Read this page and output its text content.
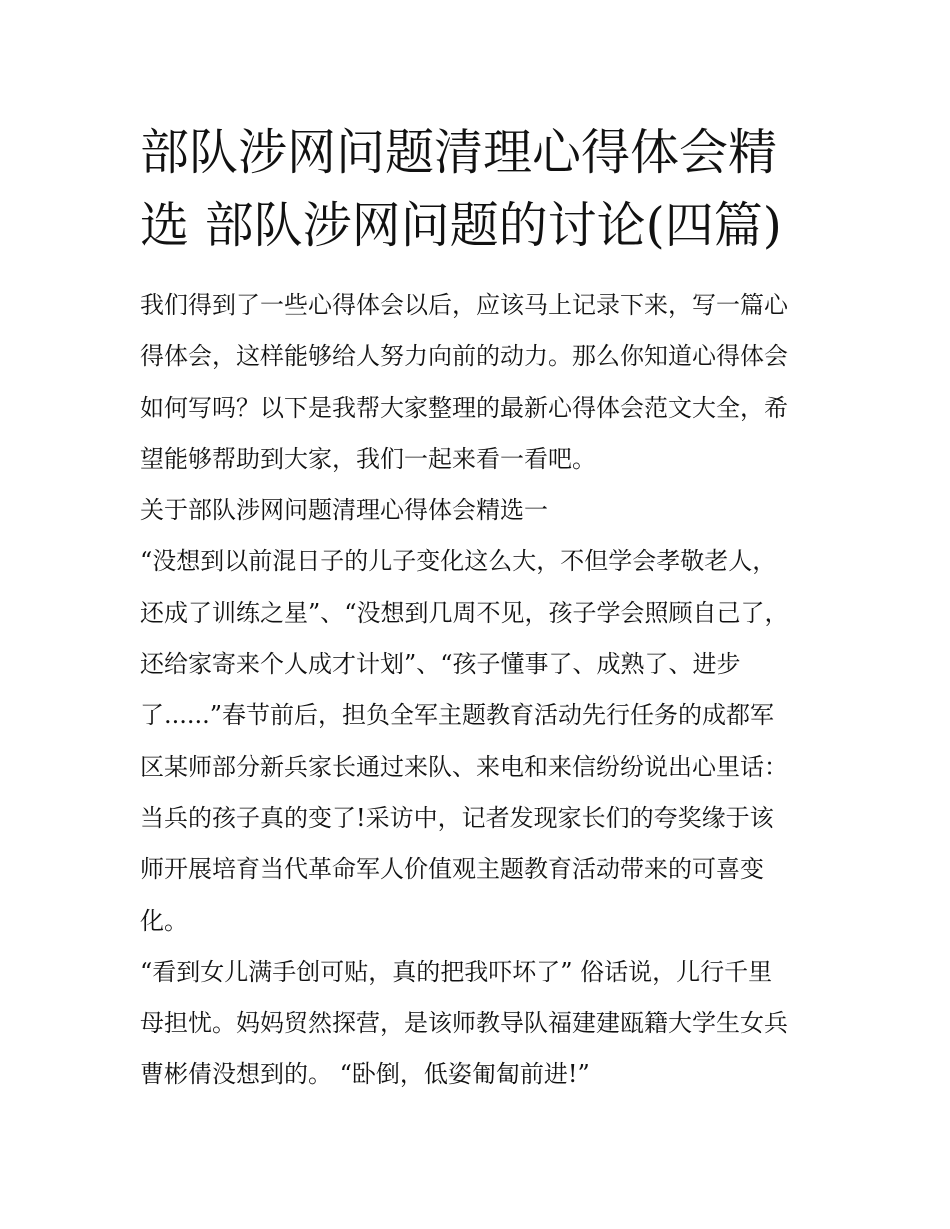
部队涉网问题清理心得体会精
选 部队涉网问题的讨论(四篇)
我们得到了一些心得体会以后，应该马上记录下来，写一篇心
得体会，这样能够给人努力向前的动力。那么你知道心得体会
如何写吗？以下是我帮大家整理的最新心得体会范文大全，希
望能够帮助到大家，我们一起来看一看吧。
关于部队涉网问题清理心得体会精选一
“没想到以前混日子的儿子变化这么大，不但学会孝敬老人，
还成了训练之星”、“没想到几周不见，孩子学会照顾自己了，
还给家寄来个人成才计划”、“孩子懂事了、成熟了、进步
了......”春节前后，担负全军主题教育活动先行任务的成都军
区某师部分新兵家长通过来队、来电和来信纷纷说出心里话：
当兵的孩子真的变了!采访中，记者发现家长们的夸奖缘于该
师开展培育当代革命军人价值观主题教育活动带来的可喜变
化。
“看到女儿满手创可贴，真的把我吓坏了” 俗话说，儿行千里
母担忧。妈妈贸然探营，是该师教导队福建建瓯籍大学生女兵
曹彬倩没想到的。 “卧倒，低姿匍匐前进!”
